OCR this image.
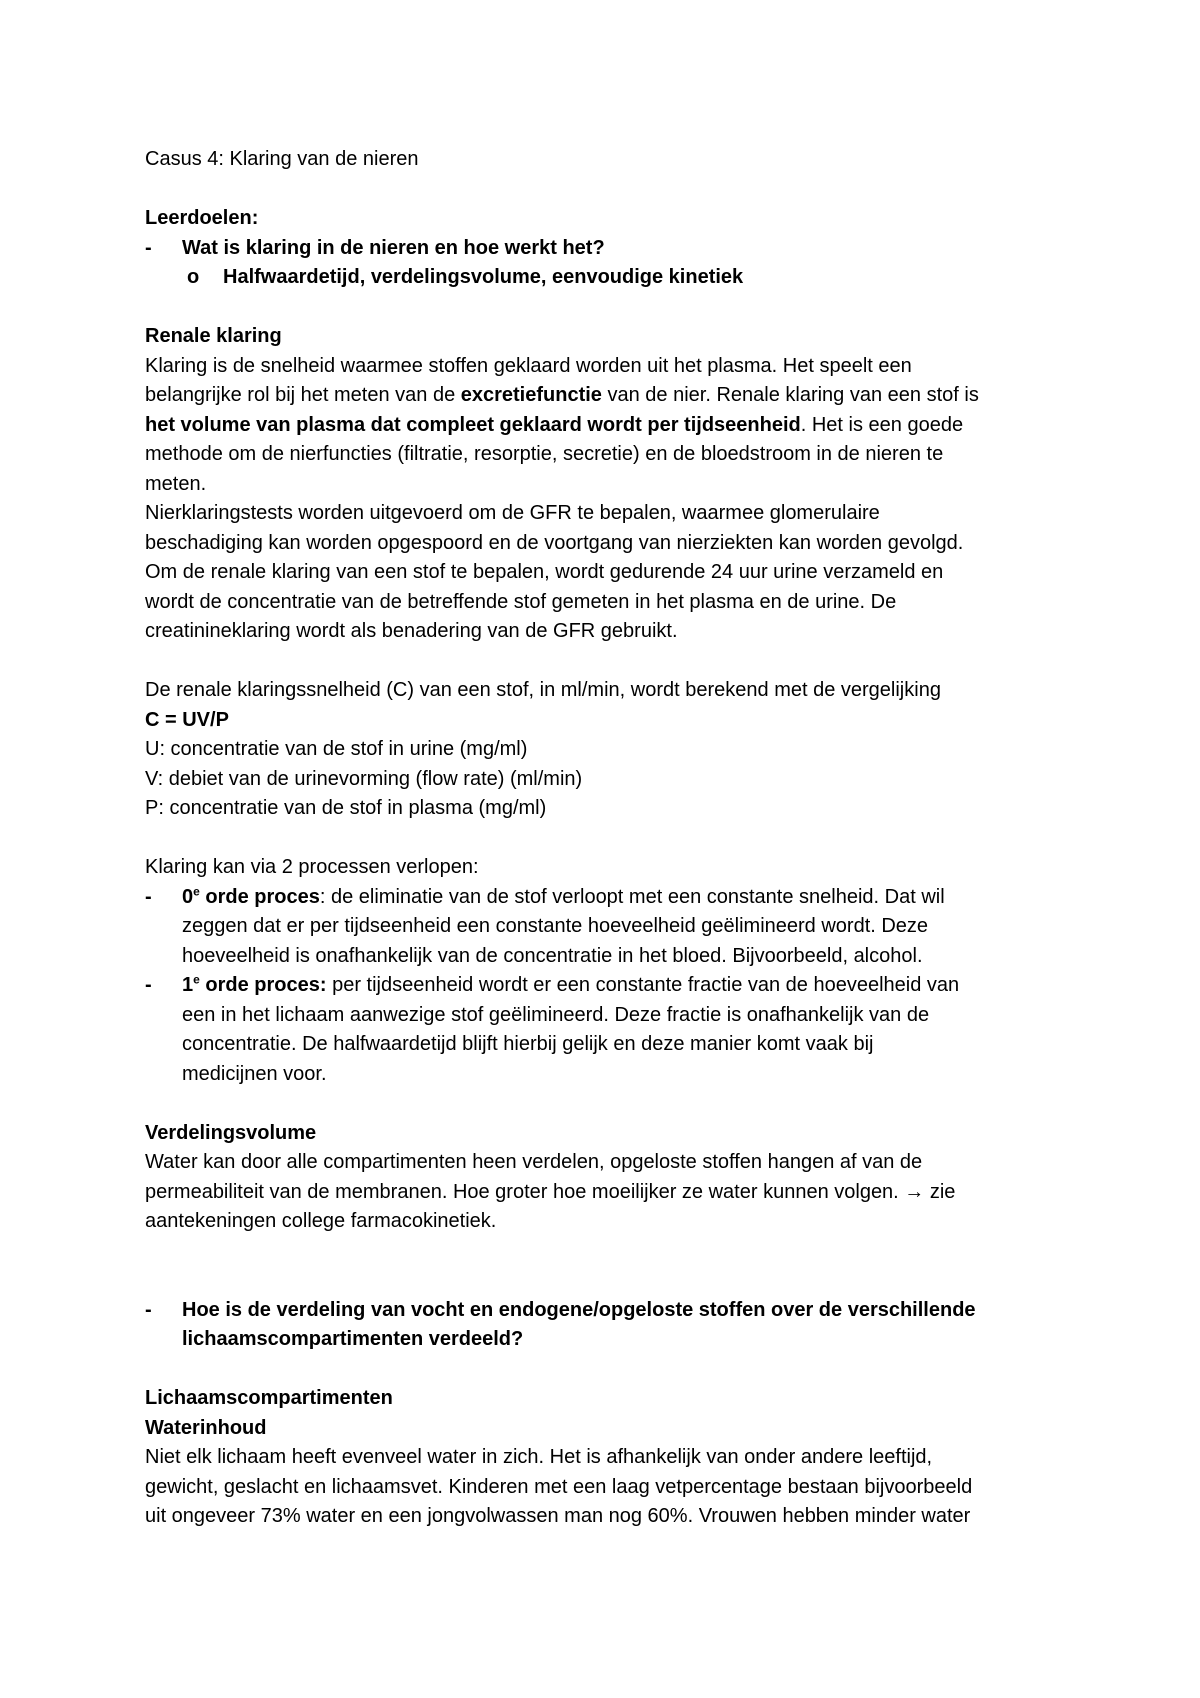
Casus 4: Klaring van de nieren

Leerdoelen:

- Wat is klaring in de nieren en hoe werkt het?

o Halfwaardetijd, verdelingsvolume, eenvoudige kinetiek

Renale klaring

Klaring is de snelheid waarmee stoffen geklaard worden uit het plasma. Het speelt een

belangrijke rol bij het meten van de excretiefunctie van de nier. Renale klaring van een stof is

het volume van plasma dat compleet geklaard wordt per tijdseenheid. Het is een goede

methode om de nierfuncties (filtratie, resorptie, secretie) en de bloedstroom in de nieren te

meten.

Nierklaringstests worden uitgevoerd om de GFR te bepalen, waarmee glomerulaire

beschadiging kan worden opgespoord en de voortgang van nierziekten kan worden gevolgd.

Om de renale klaring van een stof te bepalen, wordt gedurende 24 uur urine verzameld en

wordt de concentratie van de betreffende stof gemeten in het plasma en de urine. De

creatinineklaring wordt als benadering van de GFR gebruikt.

De renale klaringssnelheid (C) van een stof, in ml/min, wordt berekend met de vergelijking

C = UV/P

U: concentratie van de stof in urine (mg/ml)

V: debiet van de urinevorming (flow rate) (ml/min)

P: concentratie van de stof in plasma (mg/ml)

Klaring kan via 2 processen verlopen:

- 0e orde proces: de eliminatie van de stof verloopt met een constante snelheid. Dat wil

zeggen dat er per tijdseenheid een constante hoeveelheid geëlimineerd wordt. Deze

hoeveelheid is onafhankelijk van de concentratie in het bloed. Bijvoorbeeld, alcohol.

- 1e orde proces: per tijdseenheid wordt er een constante fractie van de hoeveelheid van

een in het lichaam aanwezige stof geëlimineerd. Deze fractie is onafhankelijk van de

concentratie. De halfwaardetijd blijft hierbij gelijk en deze manier komt vaak bij

medicijnen voor.

Verdelingsvolume

Water kan door alle compartimenten heen verdelen, opgeloste stoffen hangen af van de

permeabiliteit van de membranen. Hoe groter hoe moeilijker ze water kunnen volgen. → zie

aantekeningen college farmacokinetiek.

- Hoe is de verdeling van vocht en endogene/opgeloste stoffen over de verschillende

lichaamscompartimenten verdeeld?

Lichaamscompartimenten

Waterinhoud

Niet elk lichaam heeft evenveel water in zich. Het is afhankelijk van onder andere leeftijd,

gewicht, geslacht en lichaamsvet. Kinderen met een laag vetpercentage bestaan bijvoorbeeld

uit ongeveer 73% water en een jongvolwassen man nog 60%. Vrouwen hebben minder water
